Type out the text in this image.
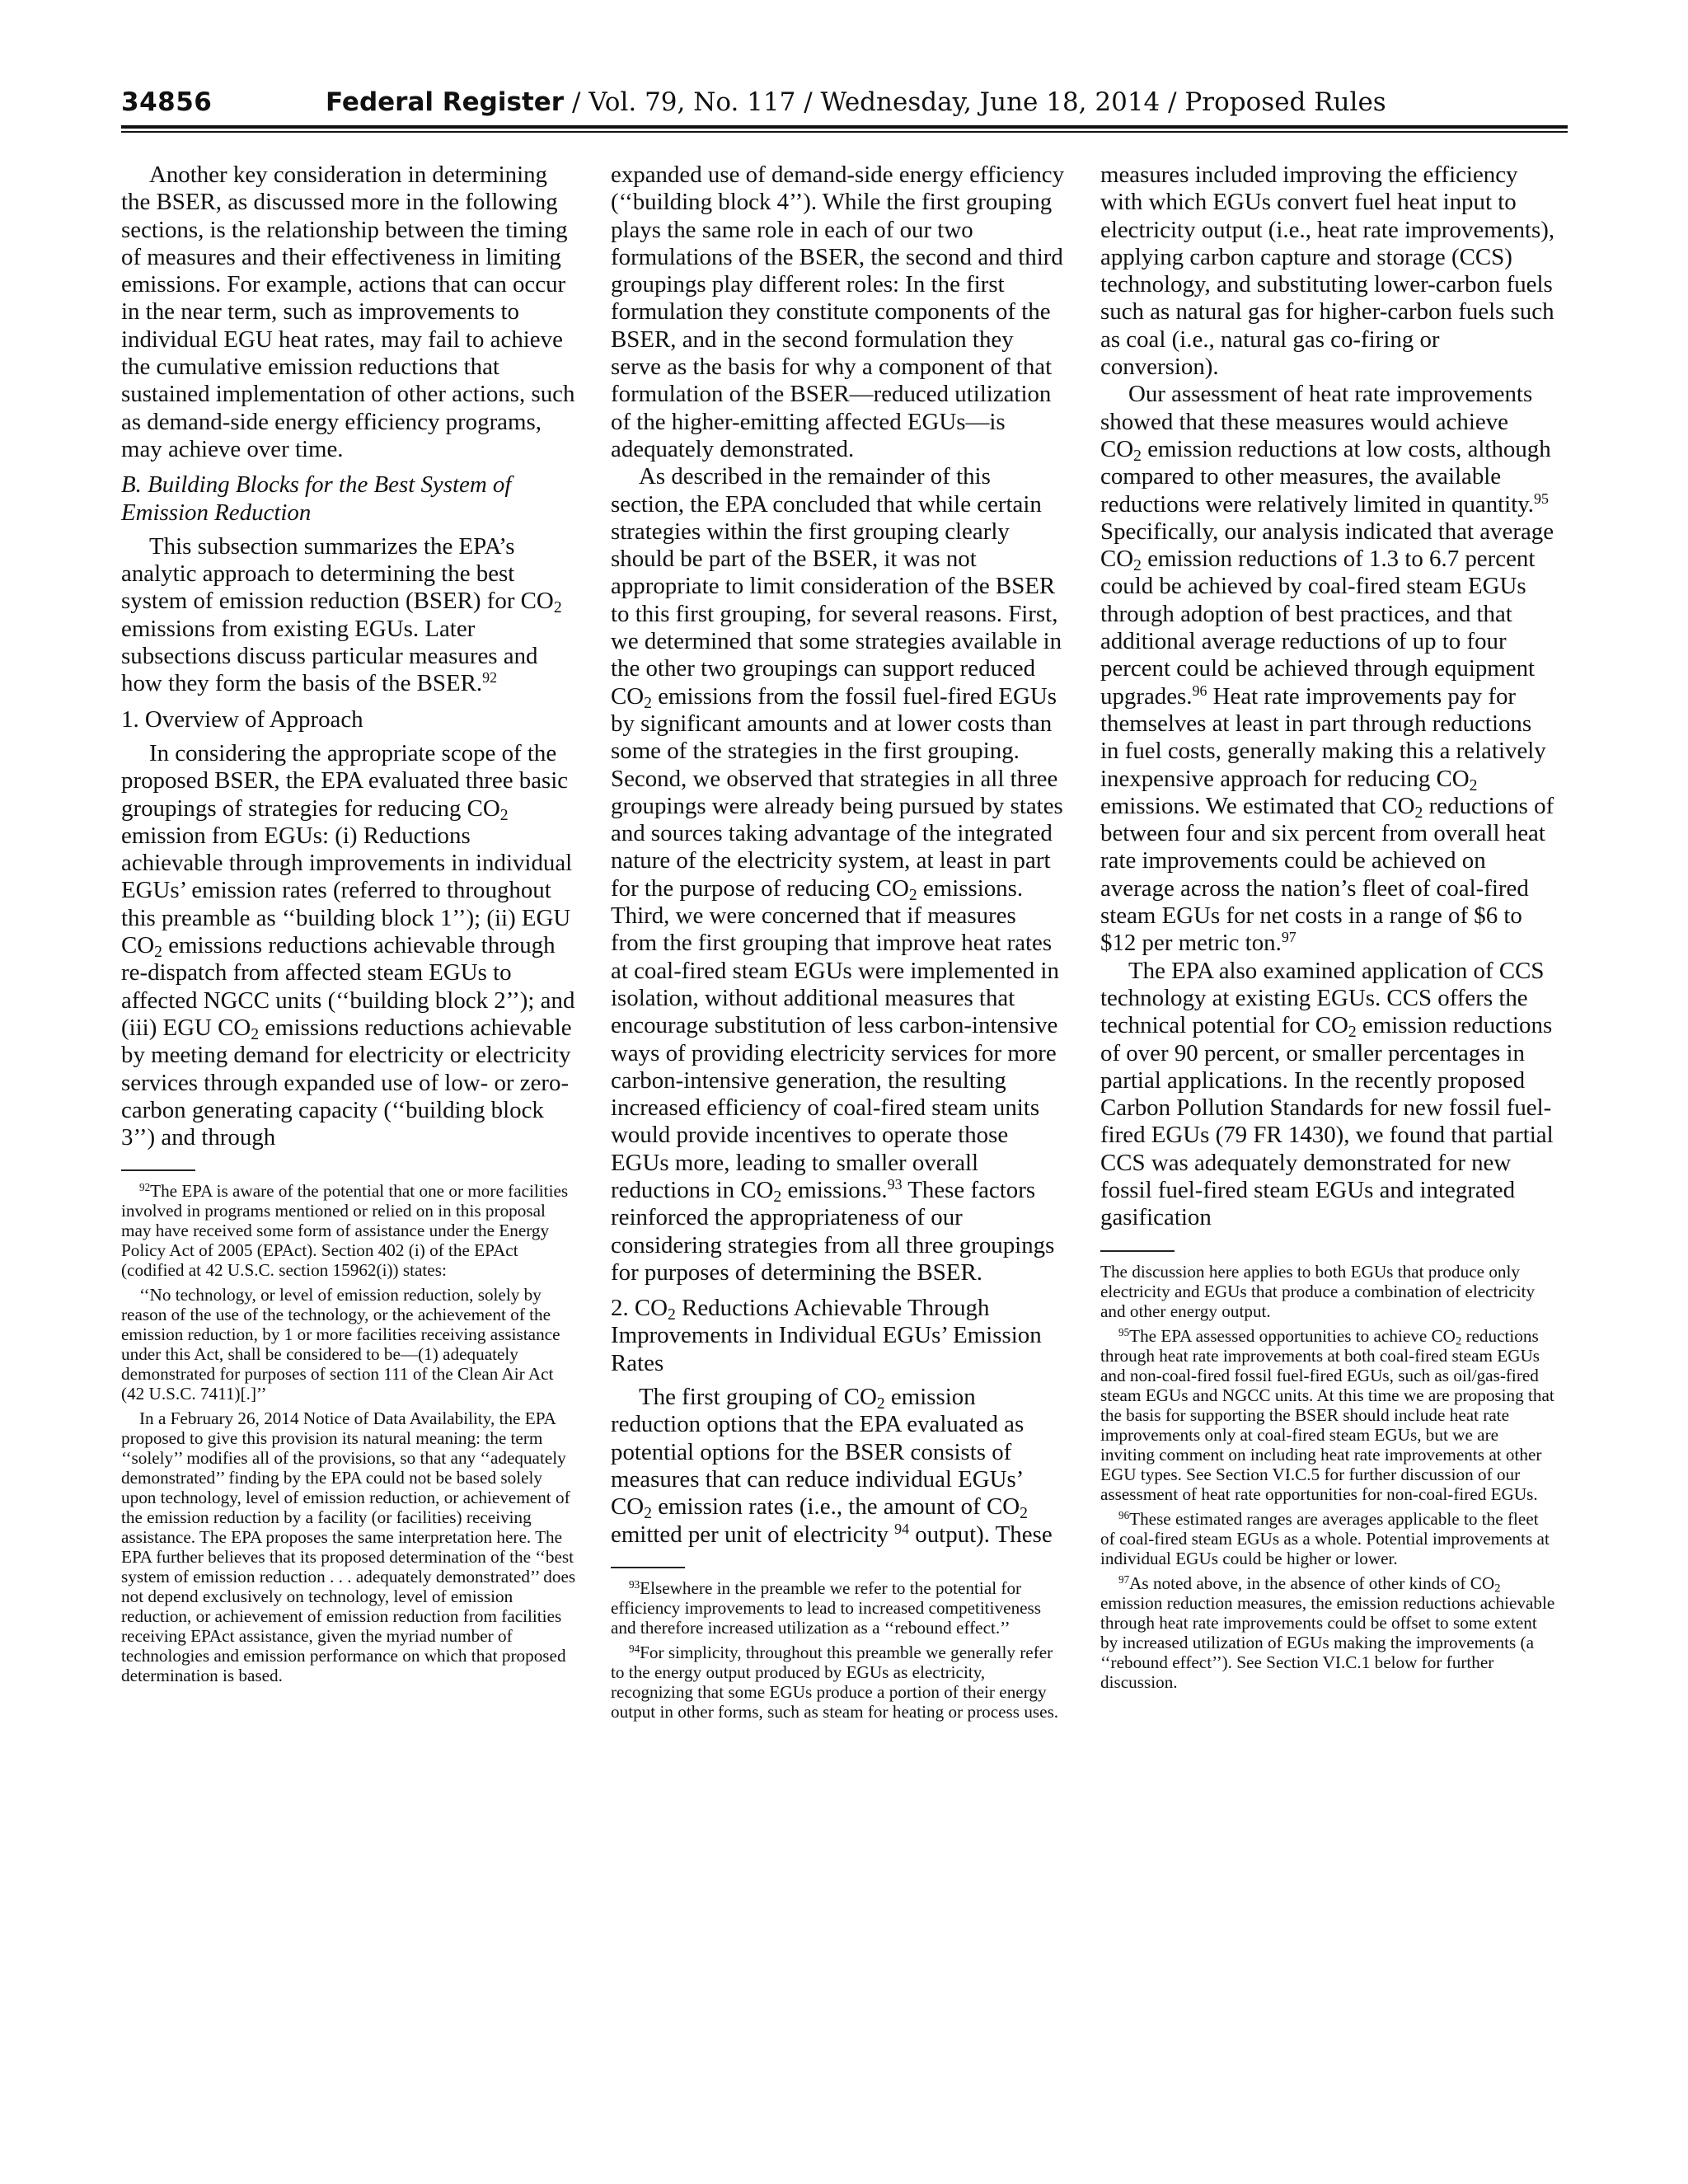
34856	Federal Register / Vol. 79, No. 117 / Wednesday, June 18, 2014 / Proposed Rules

Another key consideration in determining the BSER, as discussed more in the following sections, is the relationship between the timing of measures and their effectiveness in limiting emissions. For example, actions that can occur in the near term, such as improvements to individual EGU heat rates, may fail to achieve the cumulative emission reductions that sustained implementation of other actions, such as demand-side energy efficiency programs, may achieve over time.

B. Building Blocks for the Best System of Emission Reduction

This subsection summarizes the EPA’s analytic approach to determining the best system of emission reduction (BSER) for $CO_2$ emissions from existing EGUs. Later subsections discuss particular measures and how they form the basis of the BSER.$^{92}$

1. Overview of Approach

In considering the appropriate scope of the proposed BSER, the EPA evaluated three basic groupings of strategies for reducing $CO_2$ emission from EGUs: (i) Reductions achievable through improvements in individual EGUs’ emission rates (referred to throughout this preamble as ‘‘building block 1’’); (ii) EGU $CO_2$ emissions reductions achievable through re-dispatch from affected steam EGUs to affected NGCC units (‘‘building block 2’’); and (iii) EGU $CO_2$ emissions reductions achievable by meeting demand for electricity or electricity services through expanded use of low- or zero-carbon generating capacity (‘‘building block 3’’) and through

$^{92}$The EPA is aware of the potential that one or more facilities involved in programs mentioned or relied on in this proposal may have received some form of assistance under the Energy Policy Act of 2005 (EPAct). Section 402 (i) of the EPAct (codified at 42 U.S.C. section 15962(i)) states:

‘‘No technology, or level of emission reduction, solely by reason of the use of the technology, or the achievement of the emission reduction, by 1 or more facilities receiving assistance under this Act, shall be considered to be—(1) adequately demonstrated for purposes of section 111 of the Clean Air Act (42 U.S.C. 7411)[.]’’

In a February 26, 2014 Notice of Data Availability, the EPA proposed to give this provision its natural meaning: the term ‘‘solely’’ modifies all of the provisions, so that any ‘‘adequately demonstrated’’ finding by the EPA could not be based solely upon technology, level of emission reduction, or achievement of the emission reduction by a facility (or facilities) receiving assistance. The EPA proposes the same interpretation here. The EPA further believes that its proposed determination of the ‘‘best system of emission reduction . . . adequately demonstrated’’ does not depend exclusively on technology, level of emission reduction, or achievement of emission reduction from facilities receiving EPAct assistance, given the myriad number of technologies and emission performance on which that proposed determination is based.

expanded use of demand-side energy efficiency (‘‘building block 4’’). While the first grouping plays the same role in each of our two formulations of the BSER, the second and third groupings play different roles: In the first formulation they constitute components of the BSER, and in the second formulation they serve as the basis for why a component of that formulation of the BSER—reduced utilization of the higher-emitting affected EGUs—is adequately demonstrated.

As described in the remainder of this section, the EPA concluded that while certain strategies within the first grouping clearly should be part of the BSER, it was not appropriate to limit consideration of the BSER to this first grouping, for several reasons. First, we determined that some strategies available in the other two groupings can support reduced $CO_2$ emissions from the fossil fuel-fired EGUs by significant amounts and at lower costs than some of the strategies in the first grouping. Second, we observed that strategies in all three groupings were already being pursued by states and sources taking advantage of the integrated nature of the electricity system, at least in part for the purpose of reducing $CO_2$ emissions. Third, we were concerned that if measures from the first grouping that improve heat rates at coal-fired steam EGUs were implemented in isolation, without additional measures that encourage substitution of less carbon-intensive ways of providing electricity services for more carbon-intensive generation, the resulting increased efficiency of coal-fired steam units would provide incentives to operate those EGUs more, leading to smaller overall reductions in $CO_2$ emissions.$^{93}$ These factors reinforced the appropriateness of our considering strategies from all three groupings for purposes of determining the BSER.

2. $CO_2$ Reductions Achievable Through Improvements in Individual EGUs’ Emission Rates

The first grouping of $CO_2$ emission reduction options that the EPA evaluated as potential options for the BSER consists of measures that can reduce individual EGUs’ $CO_2$ emission rates (i.e., the amount of $CO_2$ emitted per unit of electricity $^{94}$ output). These

$^{93}$Elsewhere in the preamble we refer to the potential for efficiency improvements to lead to increased competitiveness and therefore increased utilization as a ‘‘rebound effect.’’

$^{94}$For simplicity, throughout this preamble we generally refer to the energy output produced by EGUs as electricity, recognizing that some EGUs produce a portion of their energy output in other forms, such as steam for heating or process uses.

measures included improving the efficiency with which EGUs convert fuel heat input to electricity output (i.e., heat rate improvements), applying carbon capture and storage (CCS) technology, and substituting lower-carbon fuels such as natural gas for higher-carbon fuels such as coal (i.e., natural gas co-firing or conversion).

Our assessment of heat rate improvements showed that these measures would achieve $CO_2$ emission reductions at low costs, although compared to other measures, the available reductions were relatively limited in quantity.$^{95}$ Specifically, our analysis indicated that average $CO_2$ emission reductions of 1.3 to 6.7 percent could be achieved by coal-fired steam EGUs through adoption of best practices, and that additional average reductions of up to four percent could be achieved through equipment upgrades.$^{96}$ Heat rate improvements pay for themselves at least in part through reductions in fuel costs, generally making this a relatively inexpensive approach for reducing $CO_2$ emissions. We estimated that $CO_2$ reductions of between four and six percent from overall heat rate improvements could be achieved on average across the nation’s fleet of coal-fired steam EGUs for net costs in a range of $6 to $12 per metric ton.$^{97}$

The EPA also examined application of CCS technology at existing EGUs. CCS offers the technical potential for $CO_2$ emission reductions of over 90 percent, or smaller percentages in partial applications. In the recently proposed Carbon Pollution Standards for new fossil fuel-fired EGUs (79 FR 1430), we found that partial CCS was adequately demonstrated for new fossil fuel-fired steam EGUs and integrated gasification

The discussion here applies to both EGUs that produce only electricity and EGUs that produce a combination of electricity and other energy output.

$^{95}$The EPA assessed opportunities to achieve $CO_2$ reductions through heat rate improvements at both coal-fired steam EGUs and non-coal-fired fossil fuel-fired EGUs, such as oil/gas-fired steam EGUs and NGCC units. At this time we are proposing that the basis for supporting the BSER should include heat rate improvements only at coal-fired steam EGUs, but we are inviting comment on including heat rate improvements at other EGU types. See Section VI.C.5 for further discussion of our assessment of heat rate opportunities for non-coal-fired EGUs.

$^{96}$These estimated ranges are averages applicable to the fleet of coal-fired steam EGUs as a whole. Potential improvements at individual EGUs could be higher or lower.

$^{97}$As noted above, in the absence of other kinds of $CO_2$ emission reduction measures, the emission reductions achievable through heat rate improvements could be offset to some extent by increased utilization of EGUs making the improvements (a ‘‘rebound effect’’). See Section VI.C.1 below for further discussion.
